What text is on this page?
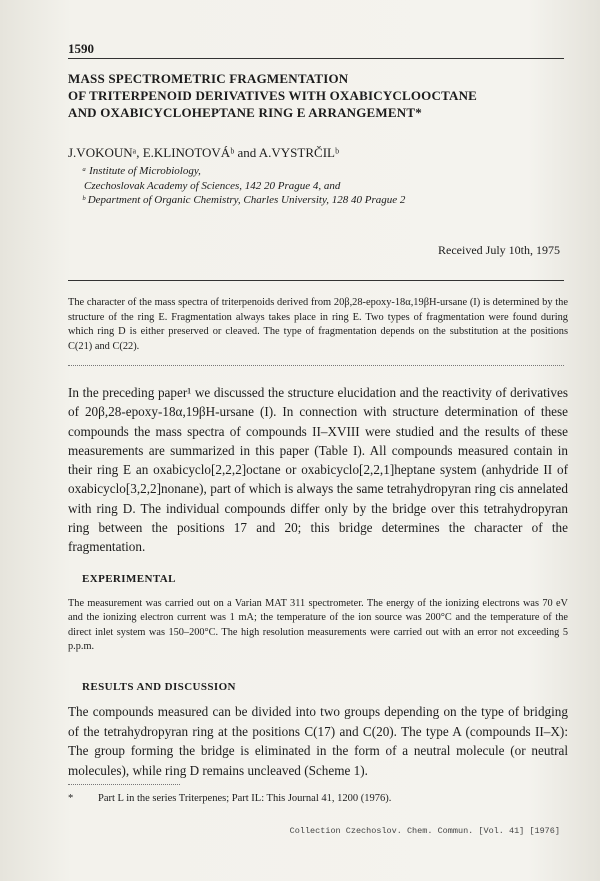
1590
MASS SPECTROMETRIC FRAGMENTATION
OF TRITERPENOID DERIVATIVES WITH OXABICYCLOOCTANE
AND OXABICYCLOHEPTANE RING E ARRANGEMENT*
J.VOKOUNᵃ, E.KLINOTOVÁᵇ and A.VYSTRČILᵇ
ᵃ Institute of Microbiology,
Czechoslovak Academy of Sciences, 142 20 Prague 4, and
ᵇ Department of Organic Chemistry, Charles University, 128 40 Prague 2
Received July 10th, 1975

The character of the mass spectra of triterpenoids derived from 20β,28-epoxy-18α,19βH-ursane (I) is determined by the structure of the ring E. Fragmentation always takes place in ring E. Two types of fragmentation were found during which ring D is either preserved or cleaved. The type of fragmentation depends on the substitution at the positions C(21) and C(22).

In the preceding paper¹ we discussed the structure elucidation and the reactivity of derivatives of 20β,28-epoxy-18α,19βH-ursane (I). In connection with structure determination of these compounds the mass spectra of compounds II–XVIII were studied and the results of these measurements are summarized in this paper (Table I). All compounds measured contain in their ring E an oxabicyclo[2,2,2]octane or oxabicyclo[2,2,1]heptane system (anhydride II of oxabicyclo[3,2,2]nonane), part of which is always the same tetrahydropyran ring cis annelated with ring D. The individual compounds differ only by the bridge over this tetrahydropyran ring between the positions 17 and 20; this bridge determines the character of the fragmentation.

EXPERIMENTAL

The measurement was carried out on a Varian MAT 311 spectrometer. The energy of the ionizing electrons was 70 eV and the ionizing electron current was 1 mA; the temperature of the ion source was 200°C and the temperature of the direct inlet system was 150–200°C. The high resolution measurements were carried out with an error not exceeding 5 p.p.m.

RESULTS AND DISCUSSION

The compounds measured can be divided into two groups depending on the type of bridging of the tetrahydropyran ring at the positions C(17) and C(20). The type A (compounds II–X): The group forming the bridge is eliminated in the form of a neutral molecule (or neutral molecules), while ring D remains uncleaved (Scheme 1).

* Part L in the series Triterpenes; Part IL: This Journal 41, 1200 (1976).
Collection Czechoslov. Chem. Commun. [Vol. 41] [1976]
